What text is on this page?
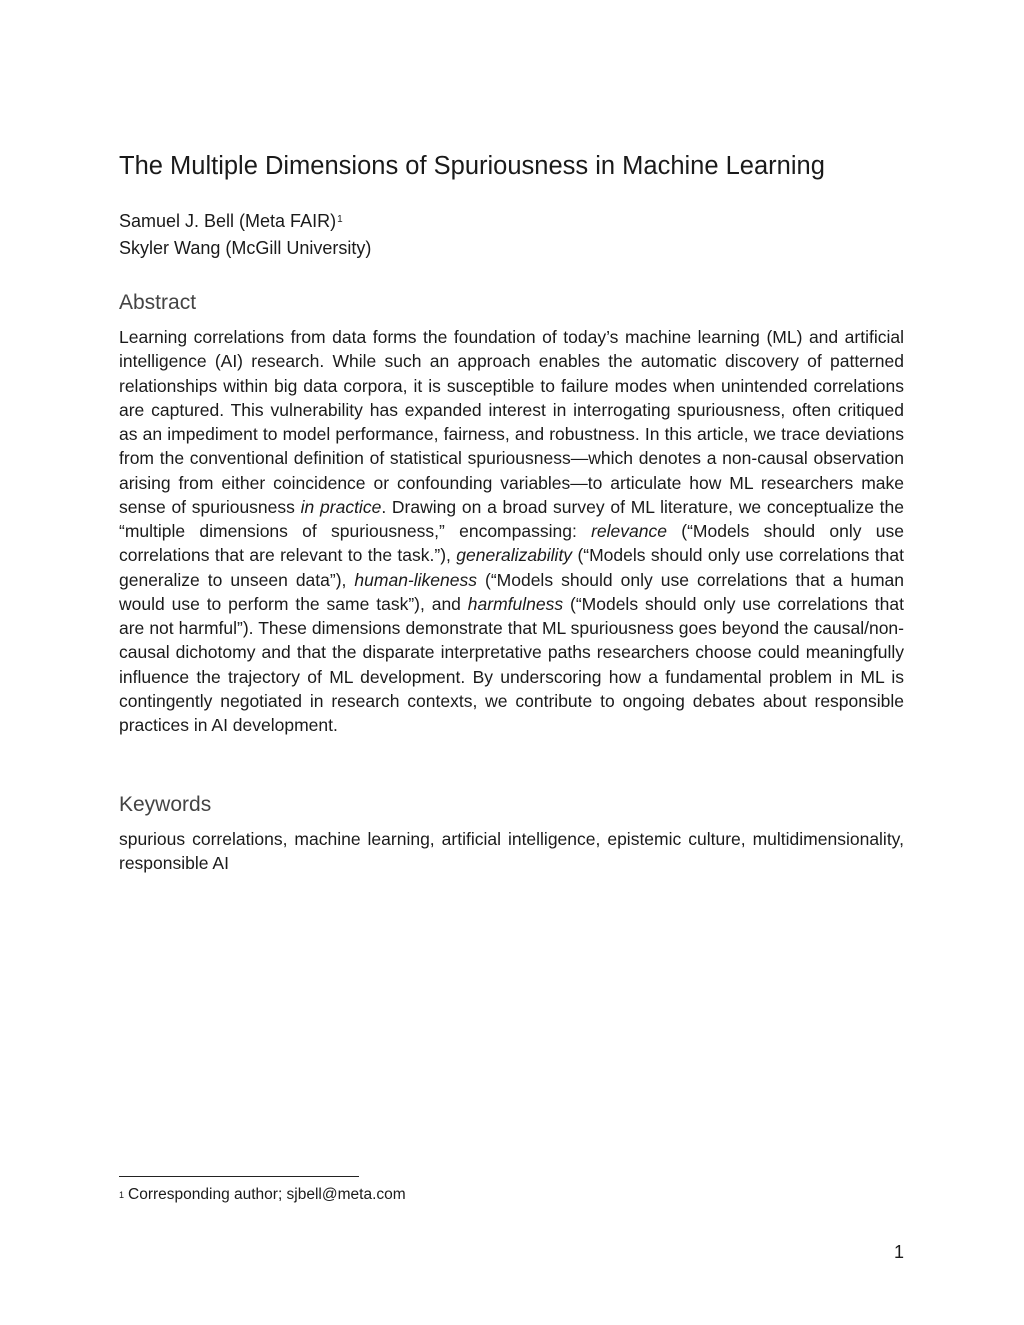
The Multiple Dimensions of Spuriousness in Machine Learning
Samuel J. Bell (Meta FAIR)$^1$
Skyler Wang (McGill University)
Abstract

Learning correlations from data forms the foundation of today’s machine learning (ML) and artificial intelligence (AI) research. While such an approach enables the automatic discovery of patterned relationships within big data corpora, it is susceptible to failure modes when unintended correlations are captured. This vulnerability has expanded interest in interrogating spuriousness, often critiqued as an impediment to model performance, fairness, and robustness. In this article, we trace deviations from the conventional definition of statistical spuriousness—which denotes a non-causal observation arising from either coincidence or confounding variables—to articulate how ML researchers make sense of spuriousness in practice. Drawing on a broad survey of ML literature, we conceptualize the “multiple dimensions of spuriousness,” encompassing: relevance (“Models should only use correlations that are relevant to the task.”), generalizability (“Models should only use correlations that generalize to unseen data”), human-likeness (“Models should only use correlations that a human would use to perform the same task”), and harmfulness (“Models should only use correlations that are not harmful”). These dimensions demonstrate that ML spuriousness goes beyond the causal/non-causal dichotomy and that the disparate interpretative paths researchers choose could meaningfully influence the trajectory of ML development. By underscoring how a fundamental problem in ML is contingently negotiated in research contexts, we contribute to ongoing debates about responsible practices in AI development.

Keywords

spurious correlations, machine learning, artificial intelligence, epistemic culture, multidimensionality, responsible AI

$^1$ Corresponding author; sjbell@meta.com
1
